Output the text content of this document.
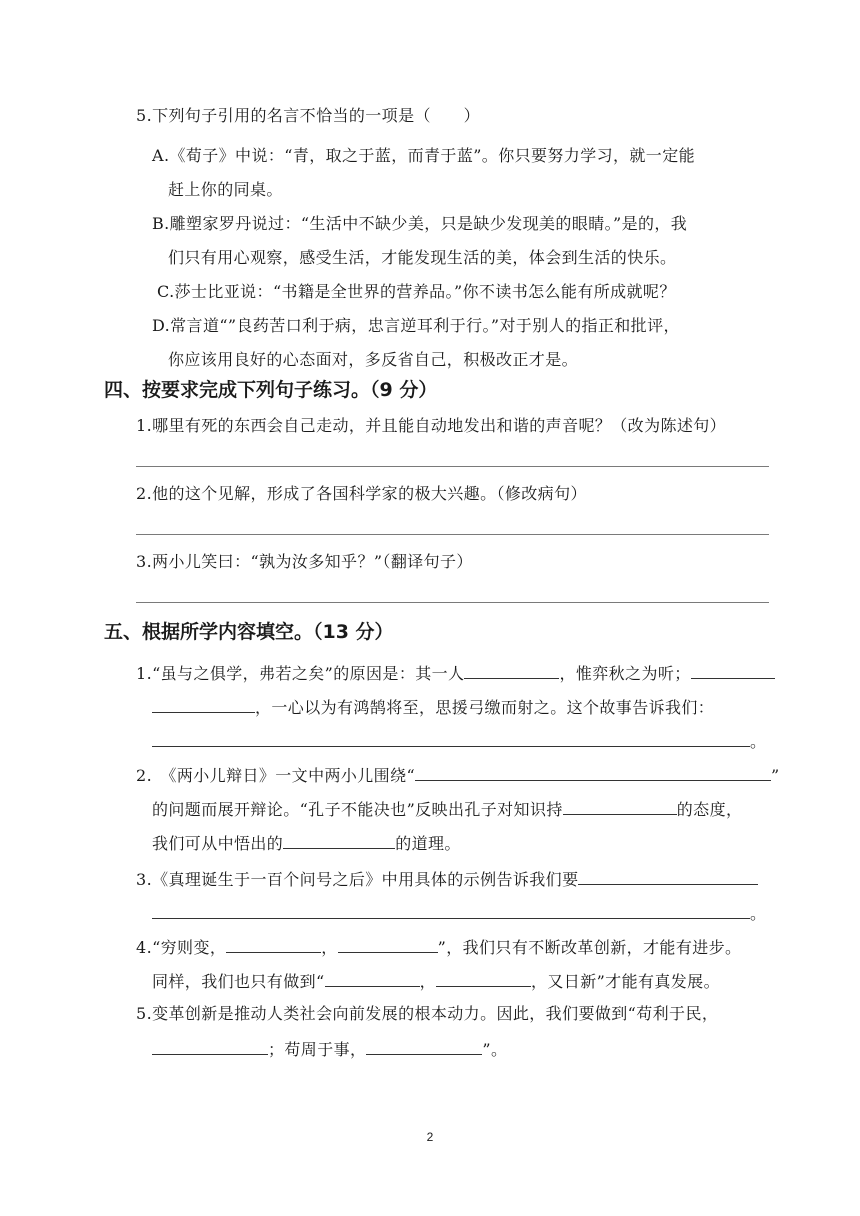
5.下列句子引用的名言不恰当的一项是（　　）
A.《荀子》中说：“青，取之于蓝，而青于蓝”。你只要努力学习，就一定能
赶上你的同桌。
B.雕塑家罗丹说过：“生活中不缺少美，只是缺少发现美的眼睛。”是的，我
们只有用心观察，感受生活，才能发现生活的美，体会到生活的快乐。
C.莎士比亚说：“书籍是全世界的营养品。”你不读书怎么能有所成就呢？
D.常言道“”良药苦口利于病，忠言逆耳利于行。”对于别人的指正和批评，
你应该用良好的心态面对，多反省自己，积极改正才是。
四、按要求完成下列句子练习。（9 分）
1.哪里有死的东西会自己走动，并且能自动地发出和谐的声音呢？（改为陈述句）
2.他的这个见解，形成了各国科学家的极大兴趣。（修改病句）
3.两小儿笑曰：“孰为汝多知乎？”（翻译句子）
五、根据所学内容填空。（13 分）
1.“虽与之俱学，弗若之矣”的原因是：其一人	，惟弈秋之为听；
，一心以为有鸿鹄将至，思援弓缴而射之。这个故事告诉我们：
。
2.　《两小儿辩日》一文中两小儿围绕“	”
的问题而展开辩论。“孔子不能决也”反映出孔子对知识持	的态度，
我们可从中悟出的	的道理。
3.《真理诞生于一百个问号之后》中用具体的示例告诉我们要
。
4.“穷则变，	，	”，我们只有不断改革创新，才能有进步。
同样，我们也只有做到“	，	，又日新”才能有真发展。
5.变革创新是推动人类社会向前发展的根本动力。因此，我们要做到“苟利于民，
；苟周于事，	”。
2
